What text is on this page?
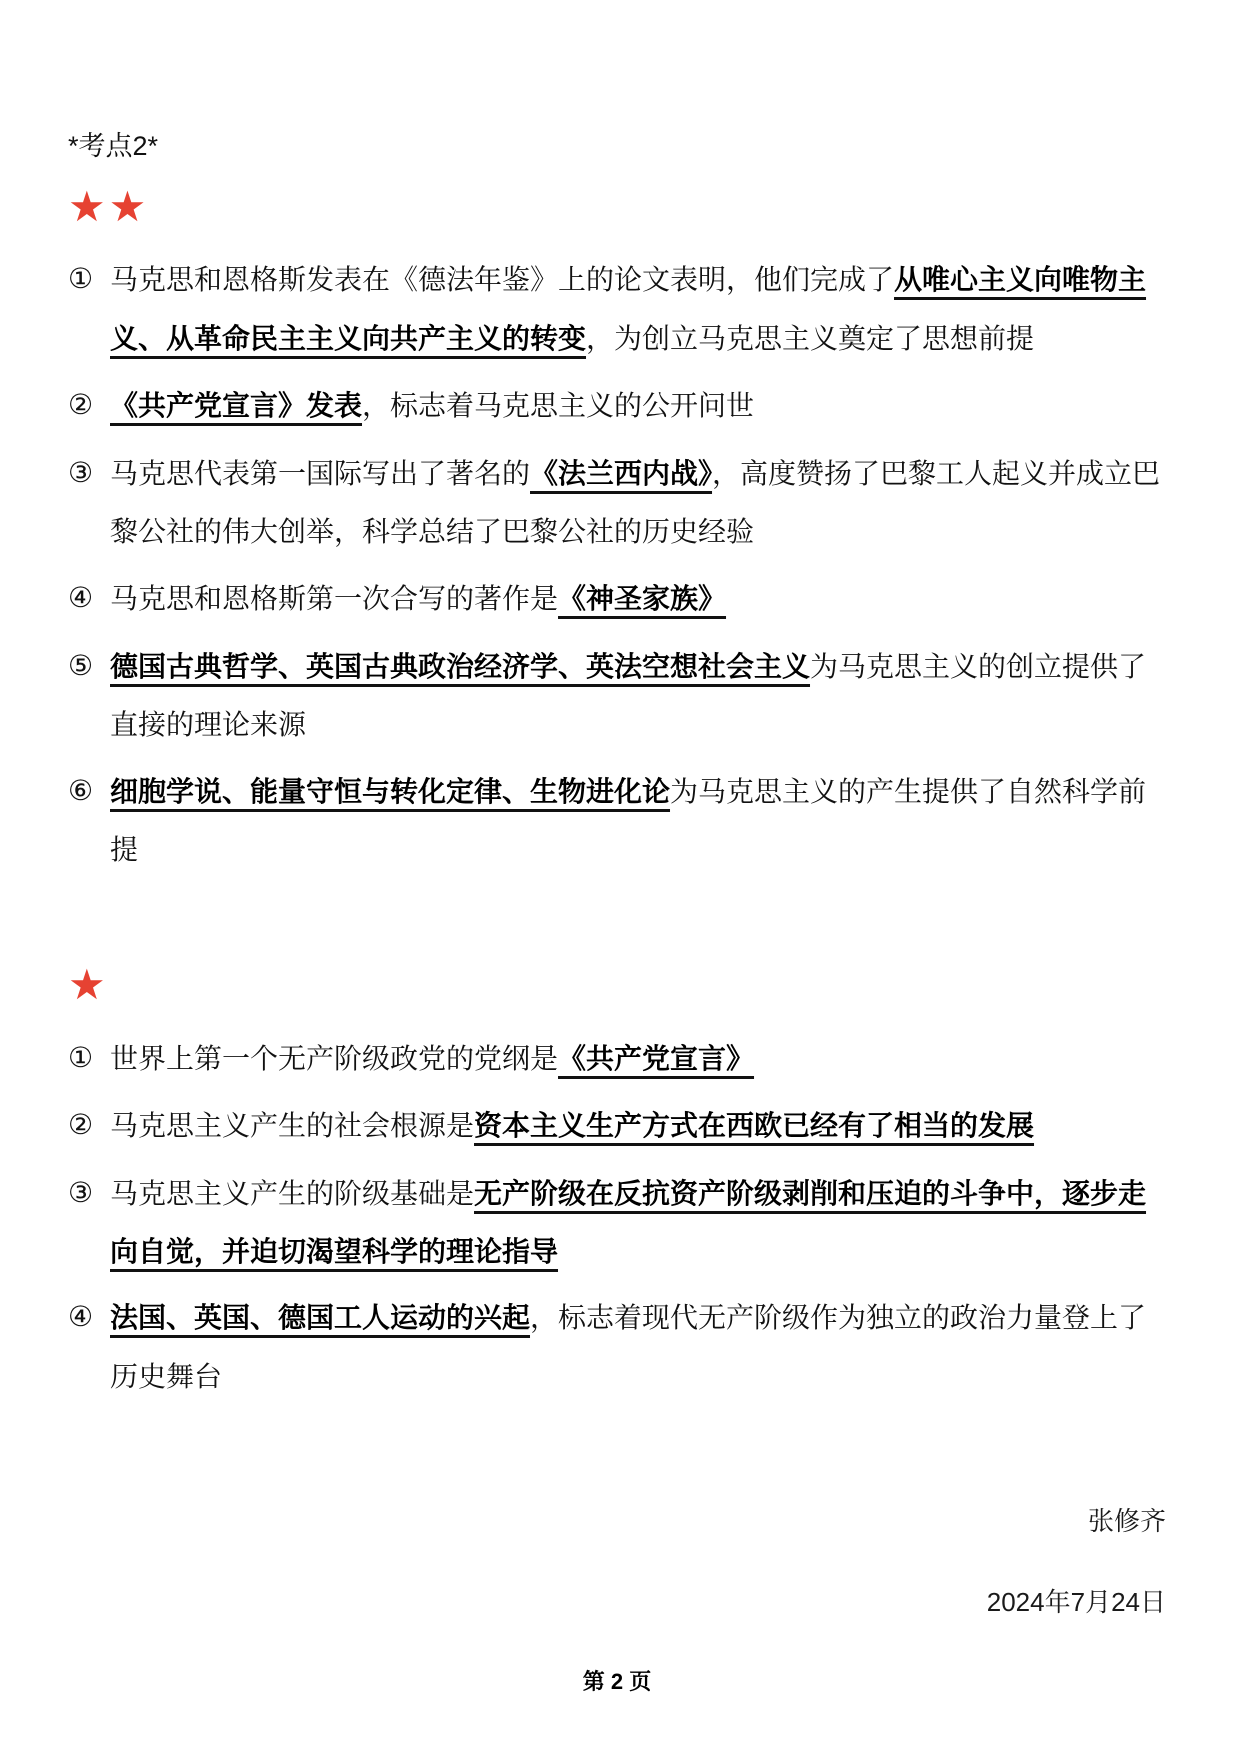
*考点2*
★★
① 马克思和恩格斯发表在《德法年鉴》上的论文表明，他们完成了从唯心主义向唯物主义、从革命民主主义向共产主义的转变，为创立马克思主义奠定了思想前提
② 《共产党宣言》发表，标志着马克思主义的公开问世
③ 马克思代表第一国际写出了著名的《法兰西内战》，高度赞扬了巴黎工人起义并成立巴黎公社的伟大创举，科学总结了巴黎公社的历史经验
④ 马克思和恩格斯第一次合写的著作是《神圣家族》
⑤ 德国古典哲学、英国古典政治经济学、英法空想社会主义为马克思主义的创立提供了直接的理论来源
⑥ 细胞学说、能量守恒与转化定律、生物进化论为马克思主义的产生提供了自然科学前提
★
① 世界上第一个无产阶级政党的党纲是《共产党宣言》
② 马克思主义产生的社会根源是资本主义生产方式在西欧已经有了相当的发展
③ 马克思主义产生的阶级基础是无产阶级在反抗资产阶级剥削和压迫的斗争中，逐步走向自觉，并迫切渴望科学的理论指导
④ 法国、英国、德国工人运动的兴起，标志着现代无产阶级作为独立的政治力量登上了历史舞台
张修齐
2024年7月24日
第 2 页
